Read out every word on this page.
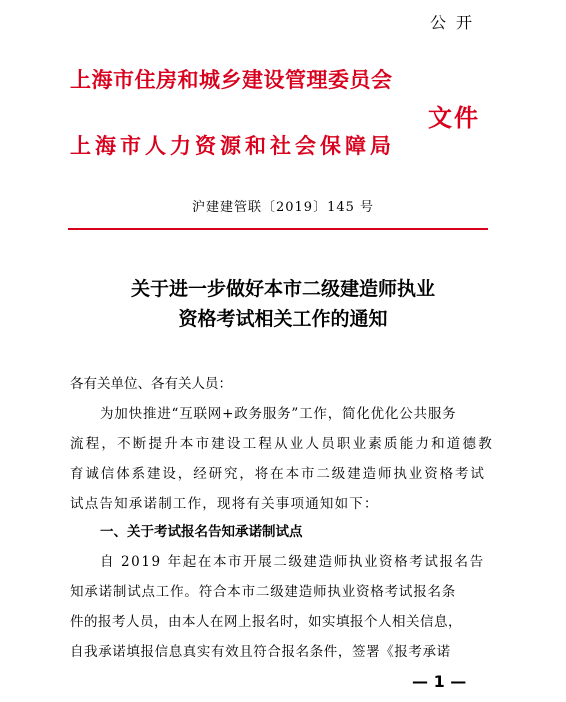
公开
上海市住房和城乡建设管理委员会
文件
上海市人力资源和社会保障局
沪建建管联〔2019〕145 号
关于进一步做好本市二级建造师执业
资格考试相关工作的通知
各有关单位、各有关人员：
为加快推进“互联网+政务服务”工作，简化优化公共服务
流程，不断提升本市建设工程从业人员职业素质能力和道德教
育诚信体系建设，经研究，将在本市二级建造师执业资格考试
试点告知承诺制工作，现将有关事项通知如下：
一、关于考试报名告知承诺制试点
自 2019 年起在本市开展二级建造师执业资格考试报名告
知承诺制试点工作。符合本市二级建造师执业资格考试报名条
件的报考人员，由本人在网上报名时，如实填报个人相关信息，
自我承诺填报信息真实有效且符合报名条件，签署《报考承诺
— 1 —
